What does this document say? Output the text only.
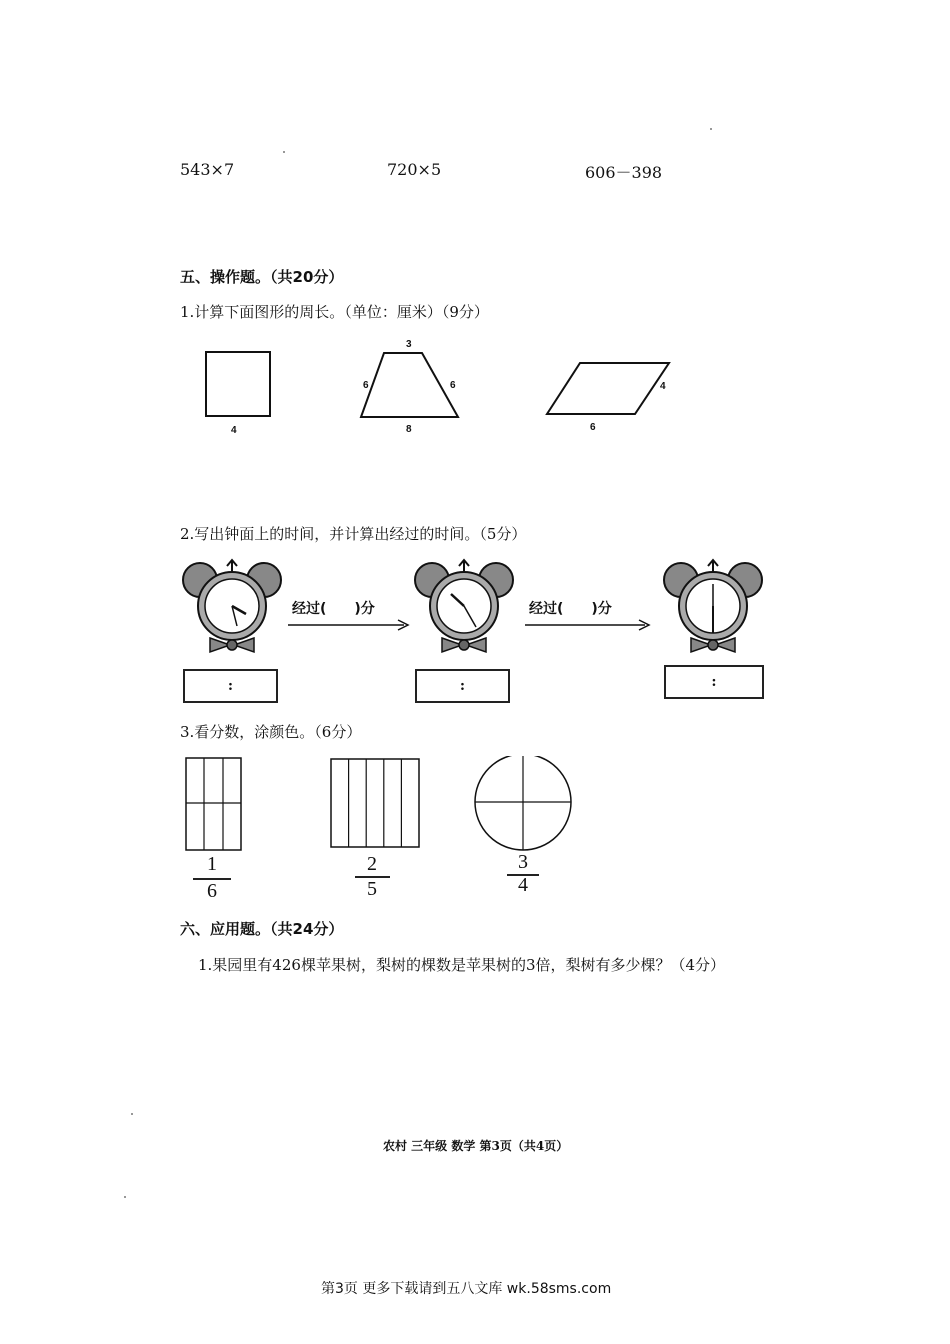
543×7	720×5	606－398
五、操作题。（共20分）
1.计算下面图形的周长。（单位：厘米）（9分）
4
3
6	6
8
4
6
2.写出钟面上的时间，并计算出经过的时间。（5分）
:
经过(　　)分
:
经过(　　)分
:
3.看分数，涂颜色。（6分）
1
6
2
5
3
4
六、应用题。（共24分）
1.果园里有426棵苹果树，梨树的棵数是苹果树的3倍，梨树有多少棵？（4分）
农村 三年级 数学 第3页（共4页）
第3页 更多下载请到五八文库 wk.58sms.com
